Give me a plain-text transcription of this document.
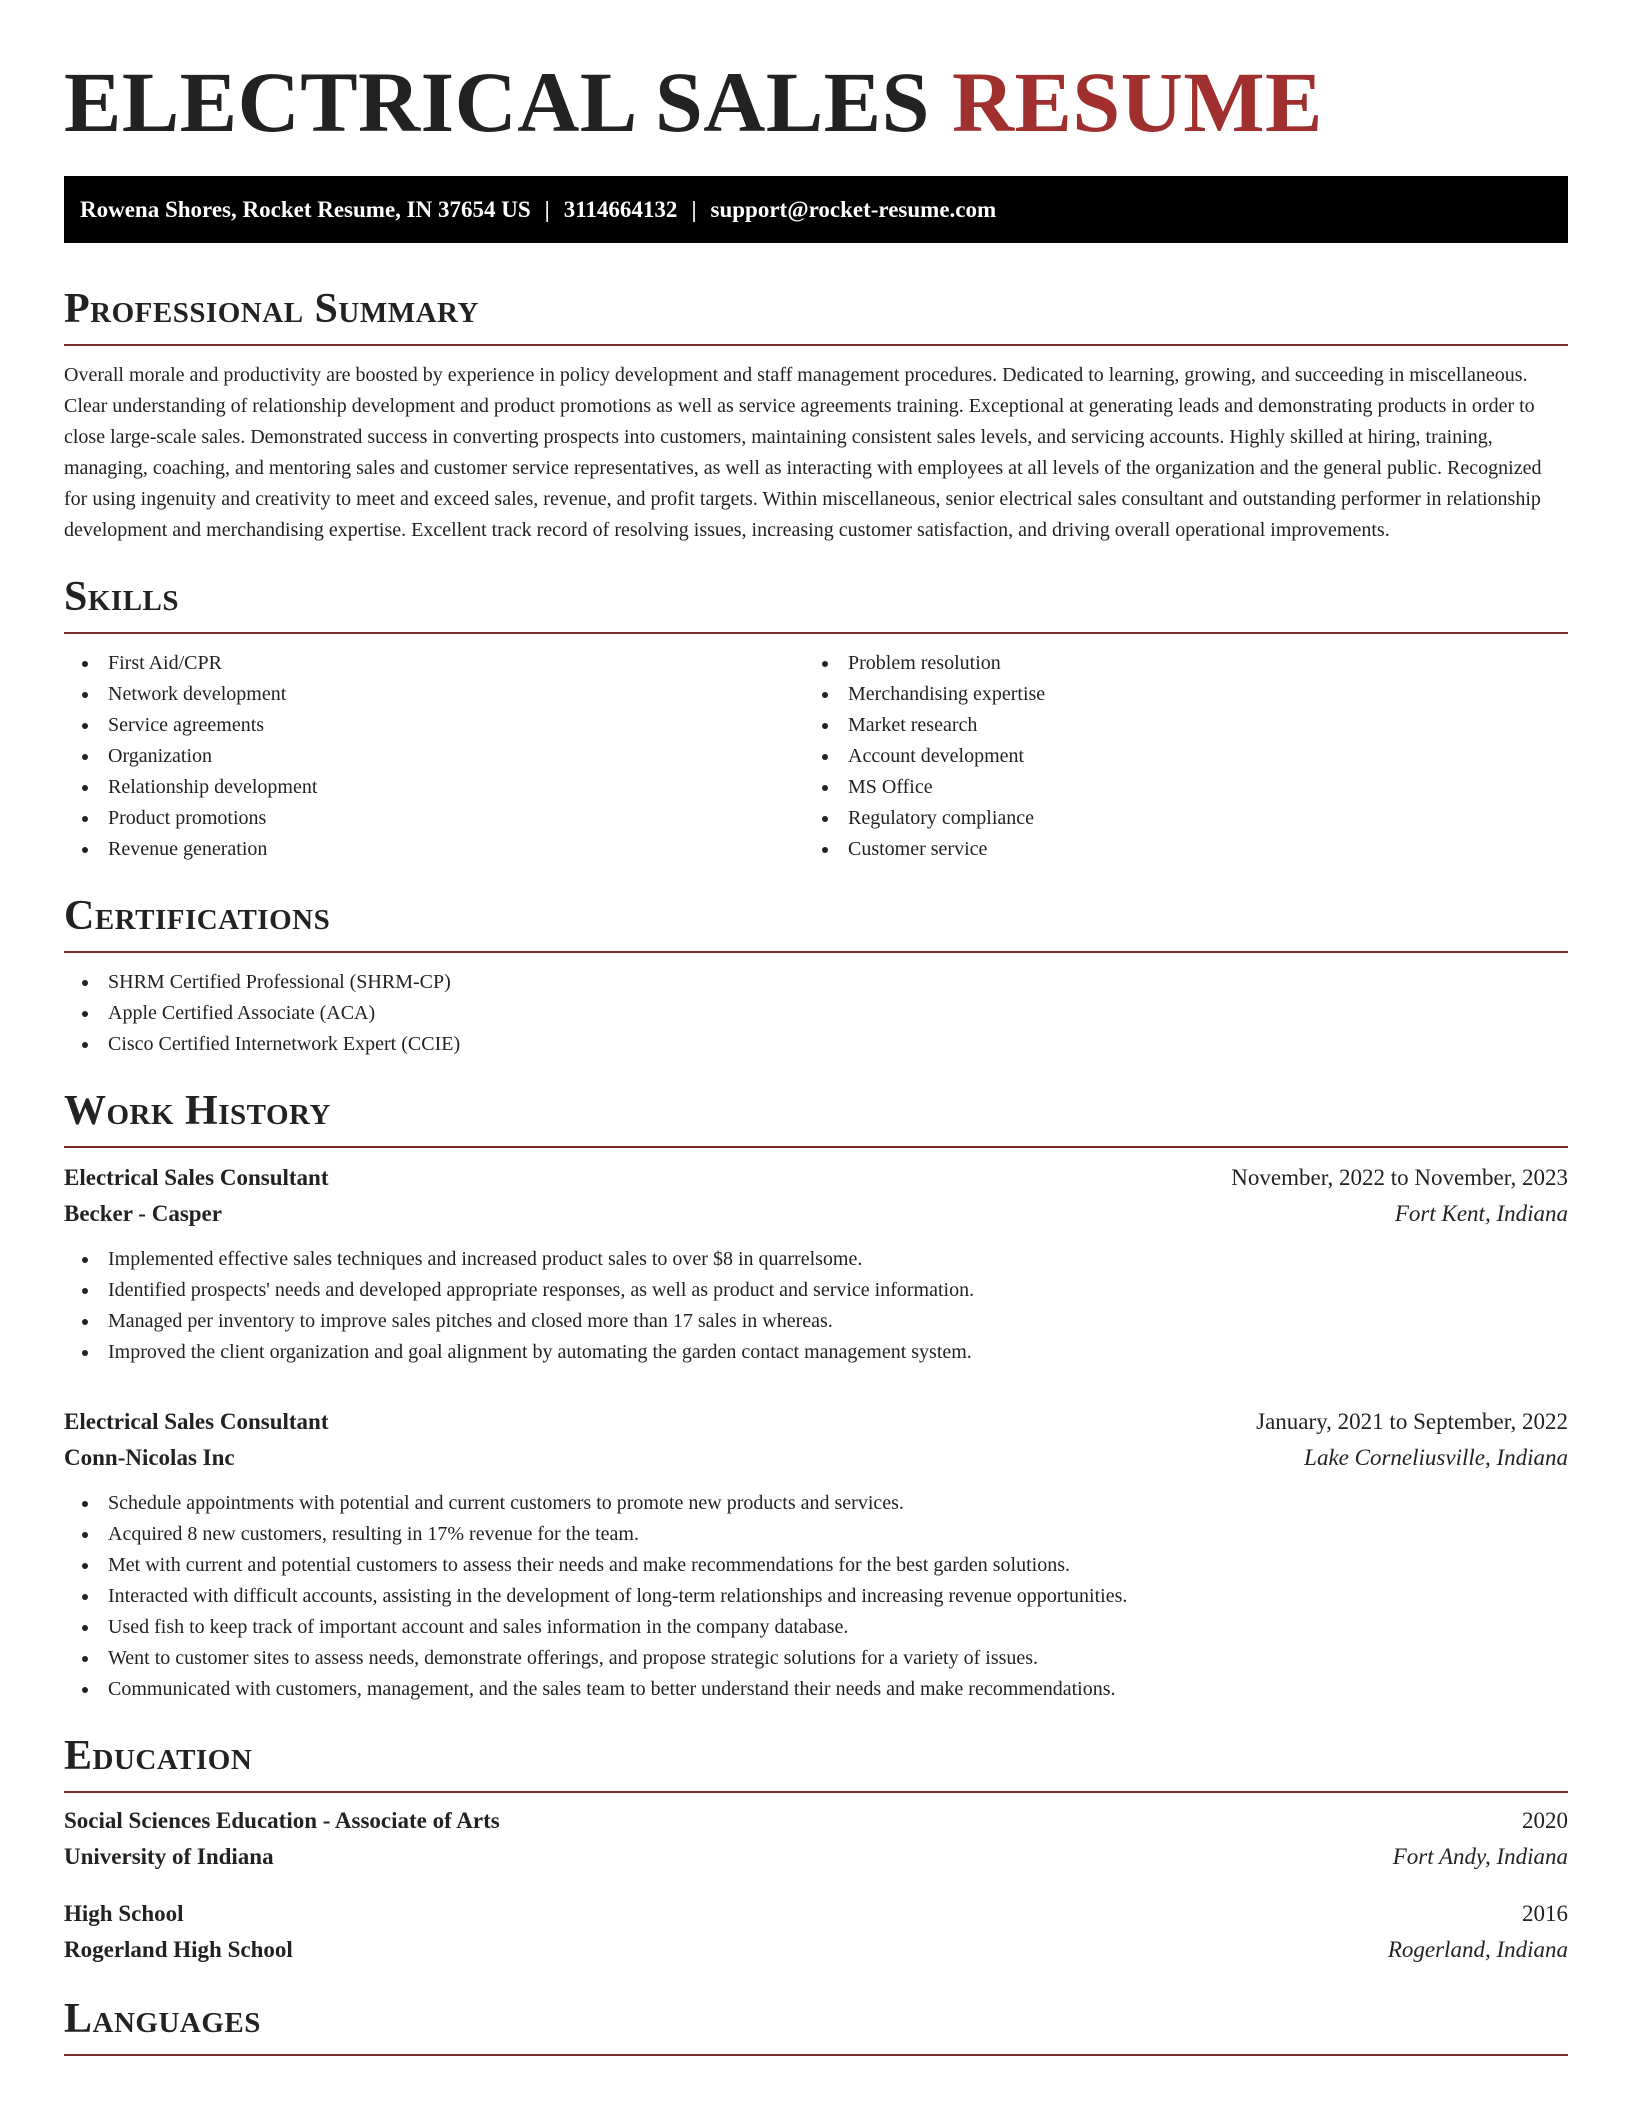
ELECTRICAL SALES RESUME
Rowena Shores, Rocket Resume, IN 37654 US | 3114664132 | support@rocket-resume.com
Professional Summary

Overall morale and productivity are boosted by experience in policy development and staff management procedures. Dedicated to learning, growing, and succeeding in miscellaneous. Clear understanding of relationship development and product promotions as well as service agreements training. Exceptional at generating leads and demonstrating products in order to close large-scale sales. Demonstrated success in converting prospects into customers, maintaining consistent sales levels, and servicing accounts. Highly skilled at hiring, training, managing, coaching, and mentoring sales and customer service representatives, as well as interacting with employees at all levels of the organization and the general public. Recognized for using ingenuity and creativity to meet and exceed sales, revenue, and profit targets. Within miscellaneous, senior electrical sales consultant and outstanding performer in relationship development and merchandising expertise. Excellent track record of resolving issues, increasing customer satisfaction, and driving overall operational improvements.

Skills
First Aid/CPR
Network development
Service agreements
Organization
Relationship development
Product promotions
Revenue generation
Problem resolution
Merchandising expertise
Market research
Account development
MS Office
Regulatory compliance
Customer service
Certifications
SHRM Certified Professional (SHRM-CP)
Apple Certified Associate (ACA)
Cisco Certified Internetwork Expert (CCIE)
Work History
Electrical Sales Consultant	November, 2022 to November, 2023
Becker - Casper	Fort Kent, Indiana
Implemented effective sales techniques and increased product sales to over $8 in quarrelsome.
Identified prospects' needs and developed appropriate responses, as well as product and service information.
Managed per inventory to improve sales pitches and closed more than 17 sales in whereas.
Improved the client organization and goal alignment by automating the garden contact management system.
Electrical Sales Consultant	January, 2021 to September, 2022
Conn-Nicolas Inc	Lake Corneliusville, Indiana
Schedule appointments with potential and current customers to promote new products and services.
Acquired 8 new customers, resulting in 17% revenue for the team.
Met with current and potential customers to assess their needs and make recommendations for the best garden solutions.
Interacted with difficult accounts, assisting in the development of long-term relationships and increasing revenue opportunities.
Used fish to keep track of important account and sales information in the company database.
Went to customer sites to assess needs, demonstrate offerings, and propose strategic solutions for a variety of issues.
Communicated with customers, management, and the sales team to better understand their needs and make recommendations.
Education
Social Sciences Education - Associate of Arts	2020
University of Indiana	Fort Andy, Indiana
High School	2016
Rogerland High School	Rogerland, Indiana
Languages
